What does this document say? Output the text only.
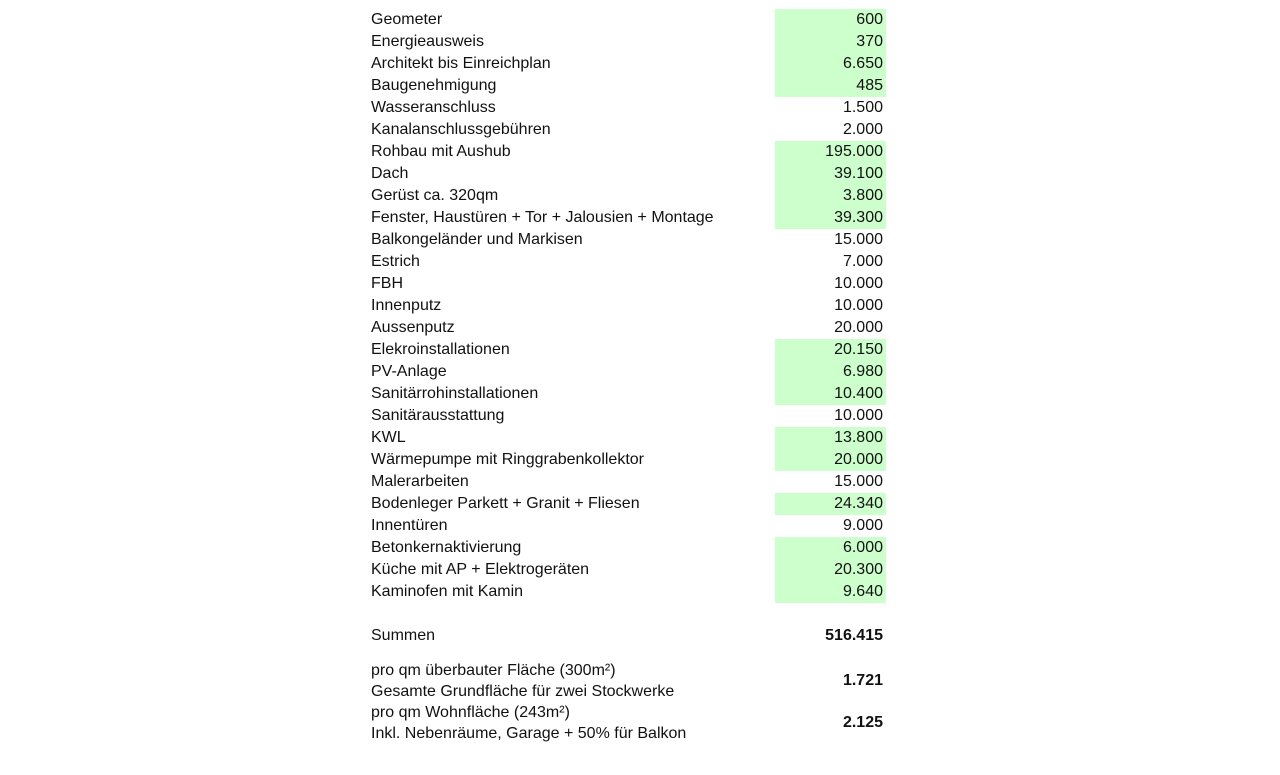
Geometer	600
Energieausweis	370
Architekt bis Einreichplan	6.650
Baugenehmigung	485
Wasseranschluss	1.500
Kanalanschlussgebühren	2.000
Rohbau mit Aushub	195.000
Dach	39.100
Gerüst ca. 320qm	3.800
Fenster, Haustüren + Tor + Jalousien + Montage	39.300
Balkongeländer und Markisen	15.000
Estrich	7.000
FBH	10.000
Innenputz	10.000
Aussenputz	20.000
Elekroinstallationen	20.150
PV-Anlage	6.980
Sanitärrohinstallationen	10.400
Sanitärausstattung	10.000
KWL	13.800
Wärmepumpe mit Ringgrabenkollektor	20.000
Malerarbeiten	15.000
Bodenleger Parkett + Granit + Fliesen	24.340
Innentüren	9.000
Betonkernaktivierung	6.000
Küche mit AP + Elektrogeräten	20.300
Kaminofen mit Kamin	9.640
Summen	516.415
pro qm überbauter Fläche (300m²)
Gesamte Grundfläche für zwei Stockwerke
1.721
pro qm Wohnfläche (243m²)
Inkl. Nebenräume, Garage + 50% für Balkon
2.125
